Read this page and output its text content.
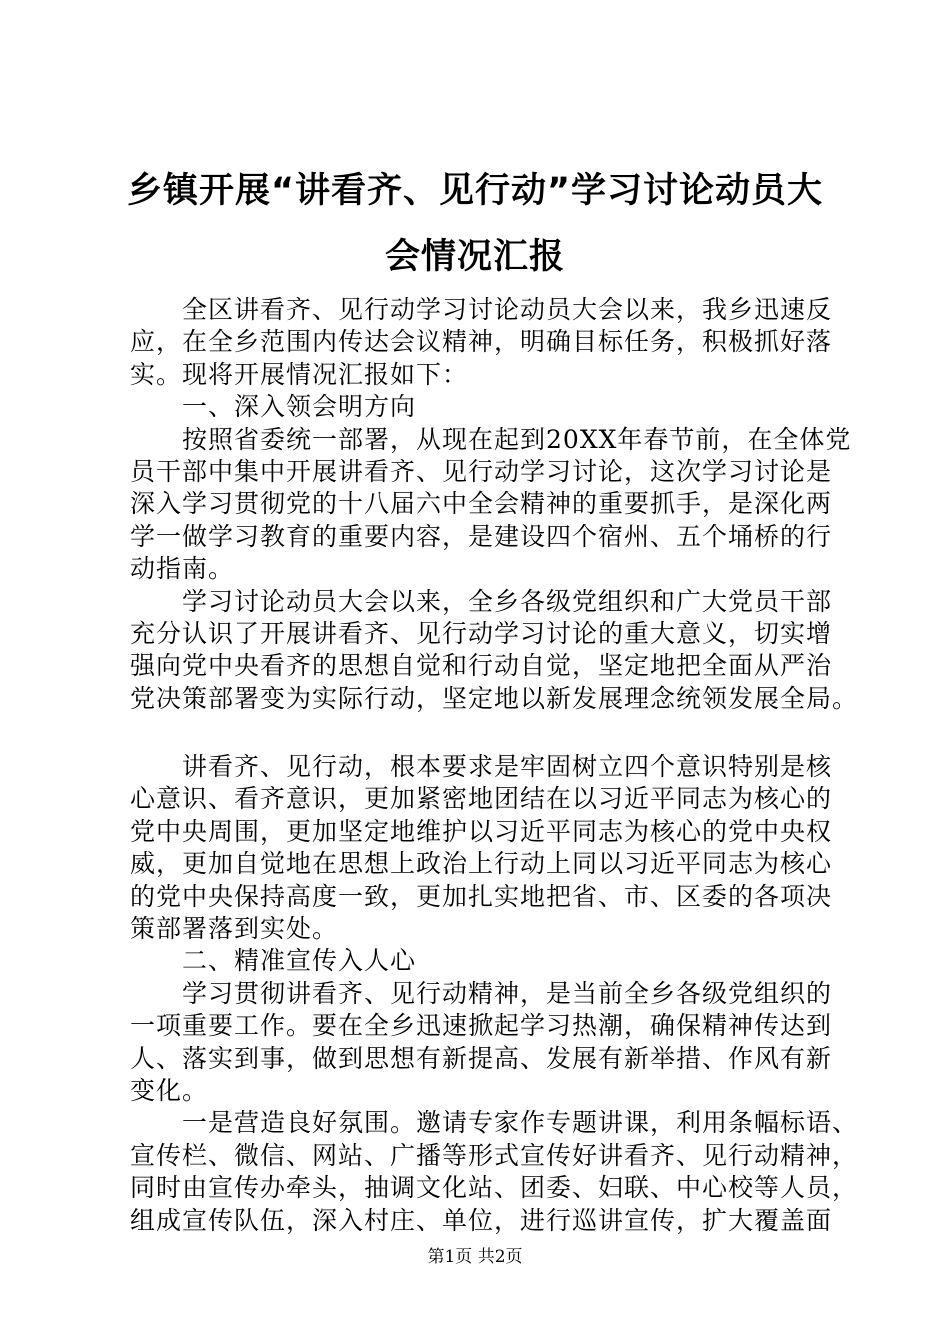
乡镇开展“讲看齐、见行动”学习讨论动员大
会情况汇报
全区讲看齐、见行动学习讨论动员大会以来，我乡迅速反
应，在全乡范围内传达会议精神，明确目标任务，积极抓好落
实。现将开展情况汇报如下：
一、深入领会明方向
按照省委统一部署，从现在起到20XX年春节前，在全体党
员干部中集中开展讲看齐、见行动学习讨论，这次学习讨论是
深入学习贯彻党的十八届六中全会精神的重要抓手，是深化两
学一做学习教育的重要内容，是建设四个宿州、五个埇桥的行
动指南。
学习讨论动员大会以来，全乡各级党组织和广大党员干部
充分认识了开展讲看齐、见行动学习讨论的重大意义，切实增
强向党中央看齐的思想自觉和行动自觉，坚定地把全面从严治
党决策部署变为实际行动，坚定地以新发展理念统领发展全局。
讲看齐、见行动，根本要求是牢固树立四个意识特别是核
心意识、看齐意识，更加紧密地团结在以习近平同志为核心的
党中央周围，更加坚定地维护以习近平同志为核心的党中央权
威，更加自觉地在思想上政治上行动上同以习近平同志为核心
的党中央保持高度一致，更加扎实地把省、市、区委的各项决
策部署落到实处。
二、精准宣传入人心
学习贯彻讲看齐、见行动精神，是当前全乡各级党组织的
一项重要工作。要在全乡迅速掀起学习热潮，确保精神传达到
人、落实到事，做到思想有新提高、发展有新举措、作风有新
变化。
一是营造良好氛围。邀请专家作专题讲课，利用条幅标语、
宣传栏、微信、网站、广播等形式宣传好讲看齐、见行动精神，
同时由宣传办牵头，抽调文化站、团委、妇联、中心校等人员，
组成宣传队伍，深入村庄、单位，进行巡讲宣传，扩大覆盖面
第1页 共2页
